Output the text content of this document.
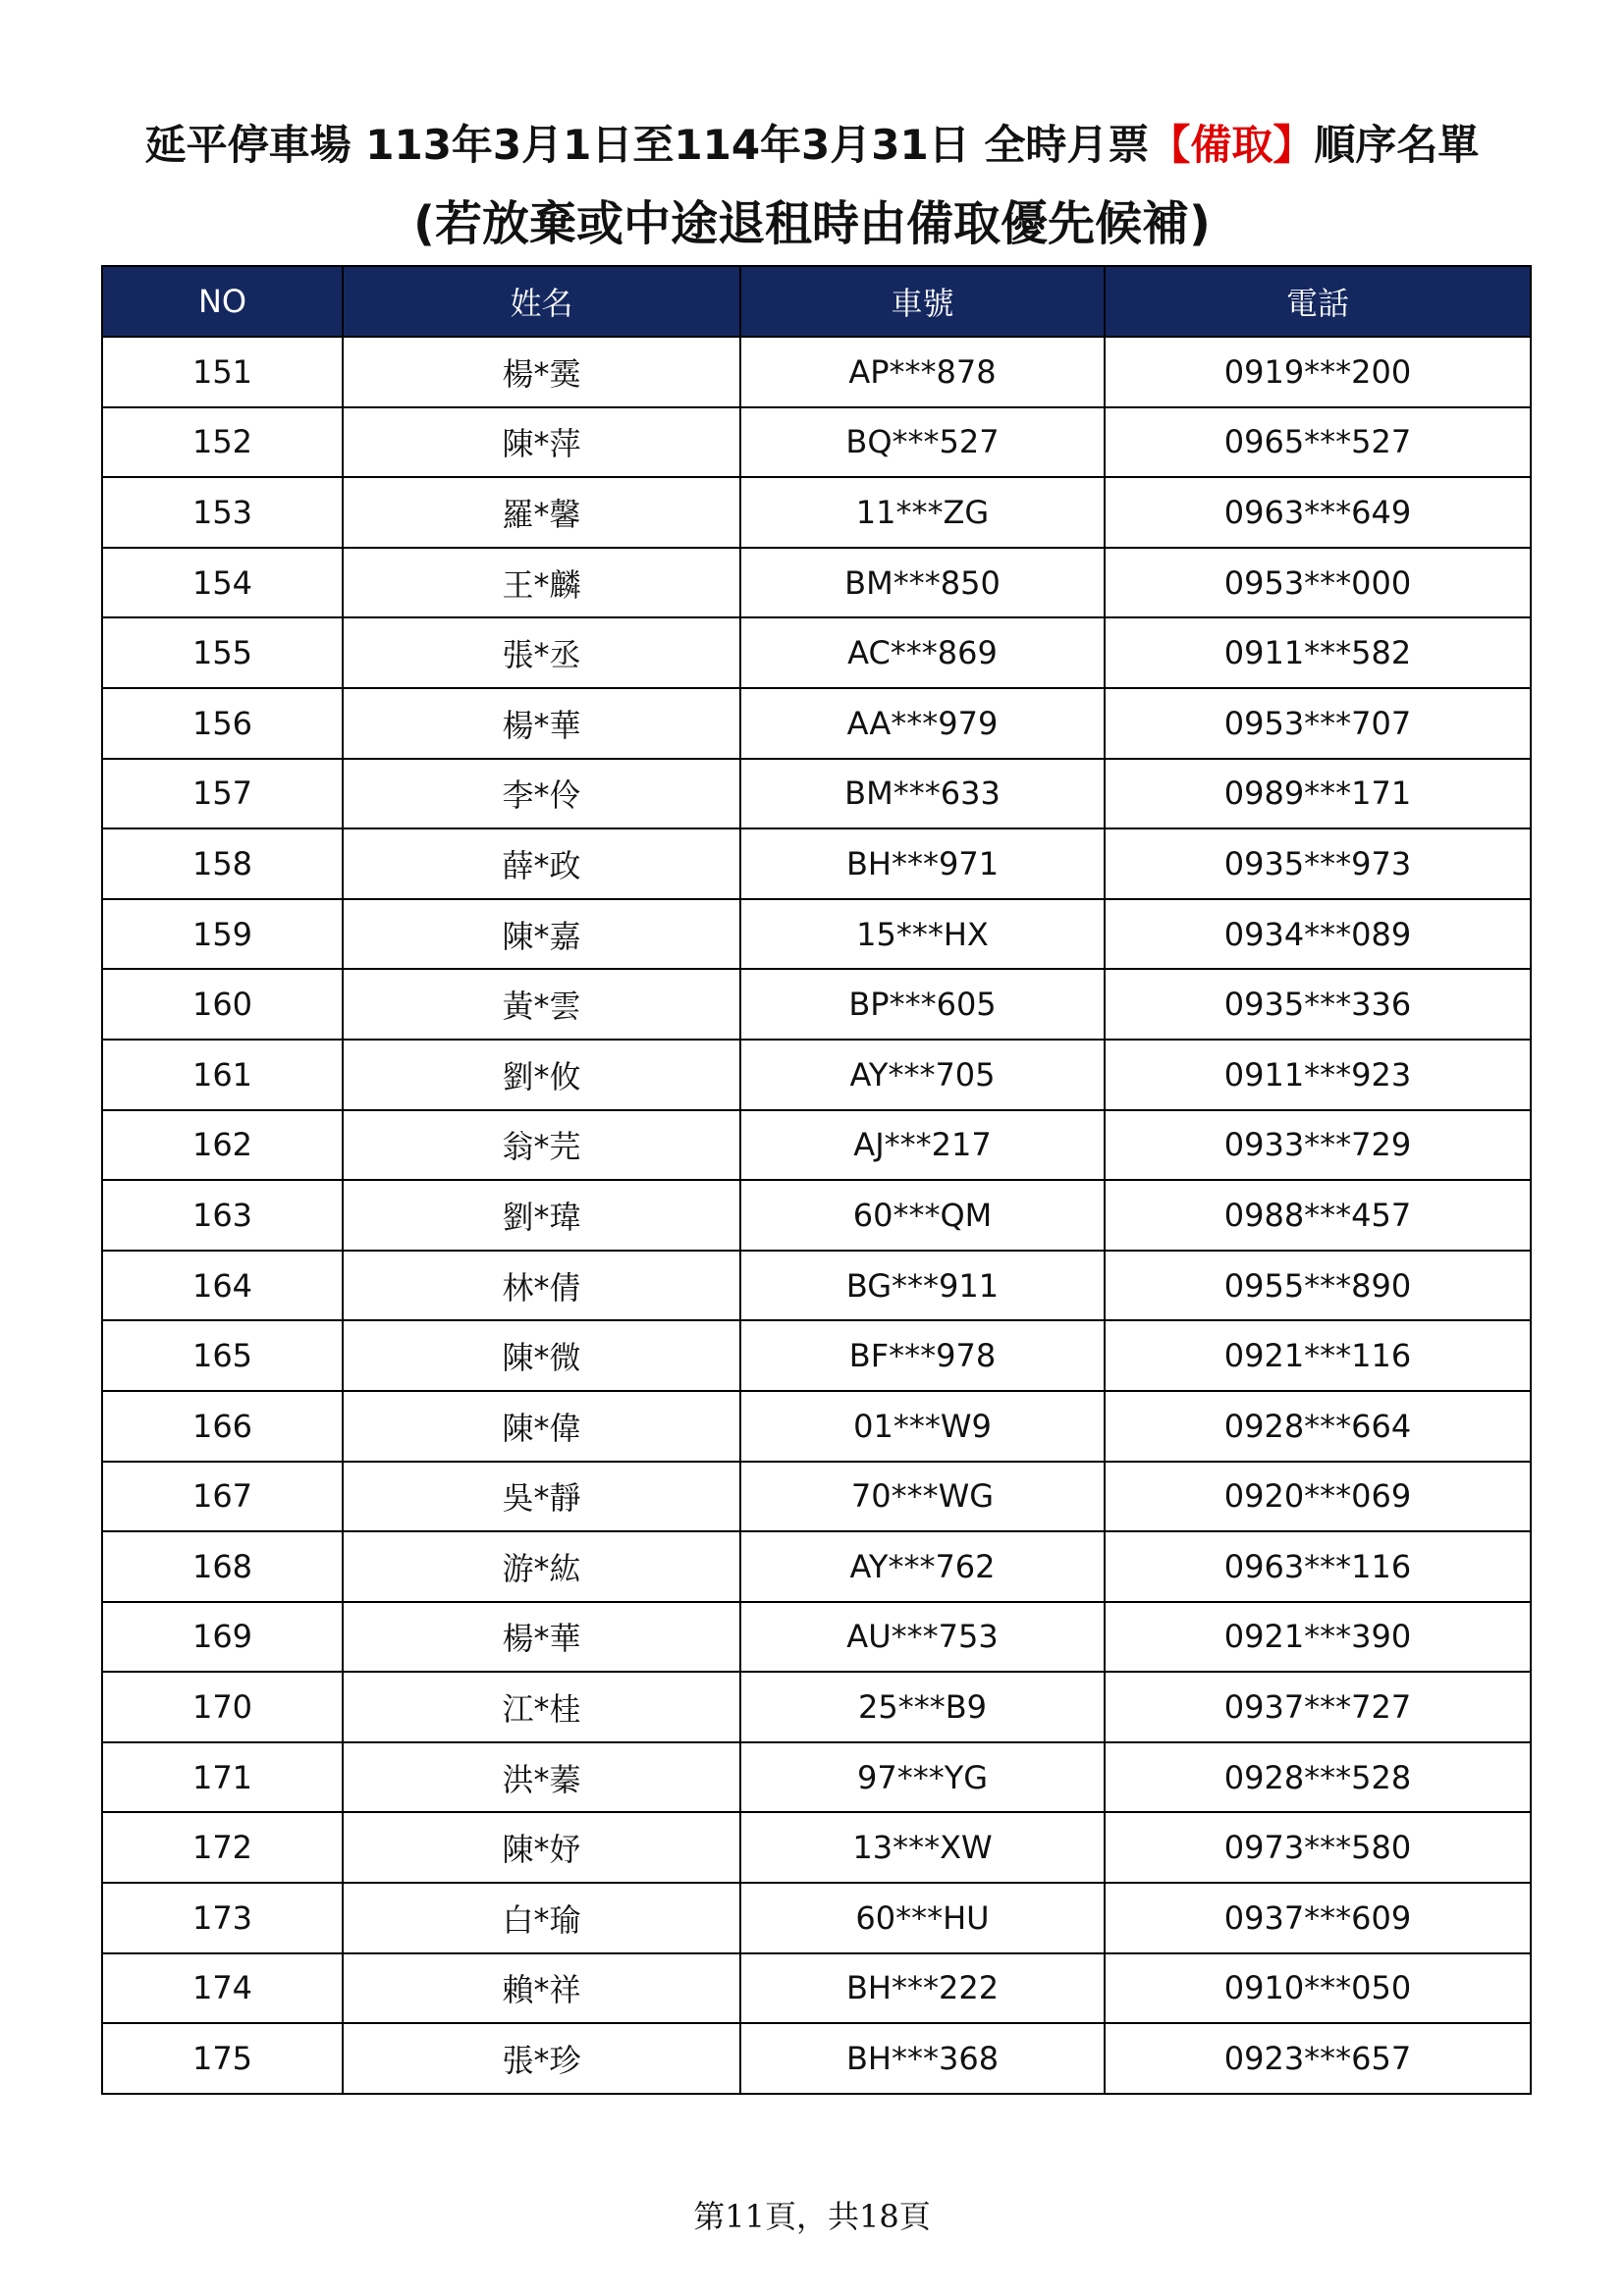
延平停車場 113年3月1日至114年3月31日 全時月票【備取】順序名單
(若放棄或中途退租時由備取優先候補)
NO	姓名	車號	電話
151	楊*霙	AP***878	0919***200
152	陳*萍	BQ***527	0965***527
153	羅*馨	11***ZG	0963***649
154	王*麟	BM***850	0953***000
155	張*丞	AC***869	0911***582
156	楊*華	AA***979	0953***707
157	李*伶	BM***633	0989***171
158	薛*政	BH***971	0935***973
159	陳*嘉	15***HX	0934***089
160	黃*雲	BP***605	0935***336
161	劉*攸	AY***705	0911***923
162	翁*芫	AJ***217	0933***729
163	劉*瑋	60***QM	0988***457
164	林*倩	BG***911	0955***890
165	陳*微	BF***978	0921***116
166	陳*偉	01***W9	0928***664
167	吳*靜	70***WG	0920***069
168	游*紘	AY***762	0963***116
169	楊*華	AU***753	0921***390
170	江*桂	25***B9	0937***727
171	洪*蓁	97***YG	0928***528
172	陳*妤	13***XW	0973***580
173	白*瑜	60***HU	0937***609
174	賴*祥	BH***222	0910***050
175	張*珍	BH***368	0923***657
第11頁，共18頁
